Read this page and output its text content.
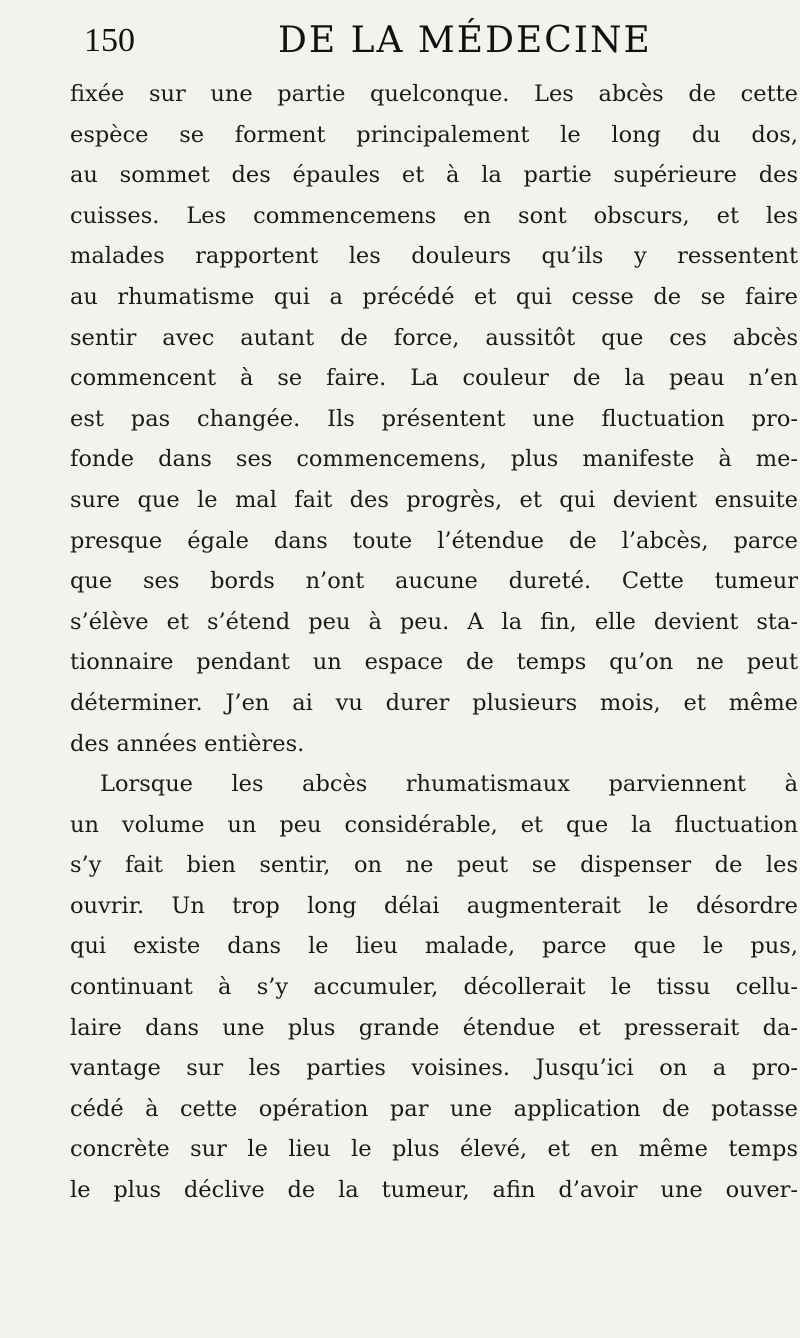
150	DE LA MÉDECINE
fixée sur une partie quelconque. Les abcès de cette
espèce se forment principalement le long du dos,
au sommet des épaules et à la partie supérieure des
cuisses. Les commencemens en sont obscurs, et les
malades rapportent les douleurs qu’ils y ressentent
au rhumatisme qui a précédé et qui cesse de se faire
sentir avec autant de force, aussitôt que ces abcès
commencent à se faire. La couleur de la peau n’en
est pas changée. Ils présentent une fluctuation pro-
fonde dans ses commencemens, plus manifeste à me-
sure que le mal fait des progrès, et qui devient ensuite
presque égale dans toute l’étendue de l’abcès, parce
que ses bords n’ont aucune dureté. Cette tumeur
s’élève et s’étend peu à peu. A la fin, elle devient sta-
tionnaire pendant un espace de temps qu’on ne peut
déterminer. J’en ai vu durer plusieurs mois, et même
des années entières.
Lorsque les abcès rhumatismaux parviennent à
un volume un peu considérable, et que la fluctuation
s’y fait bien sentir, on ne peut se dispenser de les
ouvrir. Un trop long délai augmenterait le désordre
qui existe dans le lieu malade, parce que le pus,
continuant à s’y accumuler, décollerait le tissu cellu-
laire dans une plus grande étendue et presserait da-
vantage sur les parties voisines. Jusqu’ici on a pro-
cédé à cette opération par une application de potasse
concrète sur le lieu le plus élevé, et en même temps
le plus déclive de la tumeur, afin d’avoir une ouver-
